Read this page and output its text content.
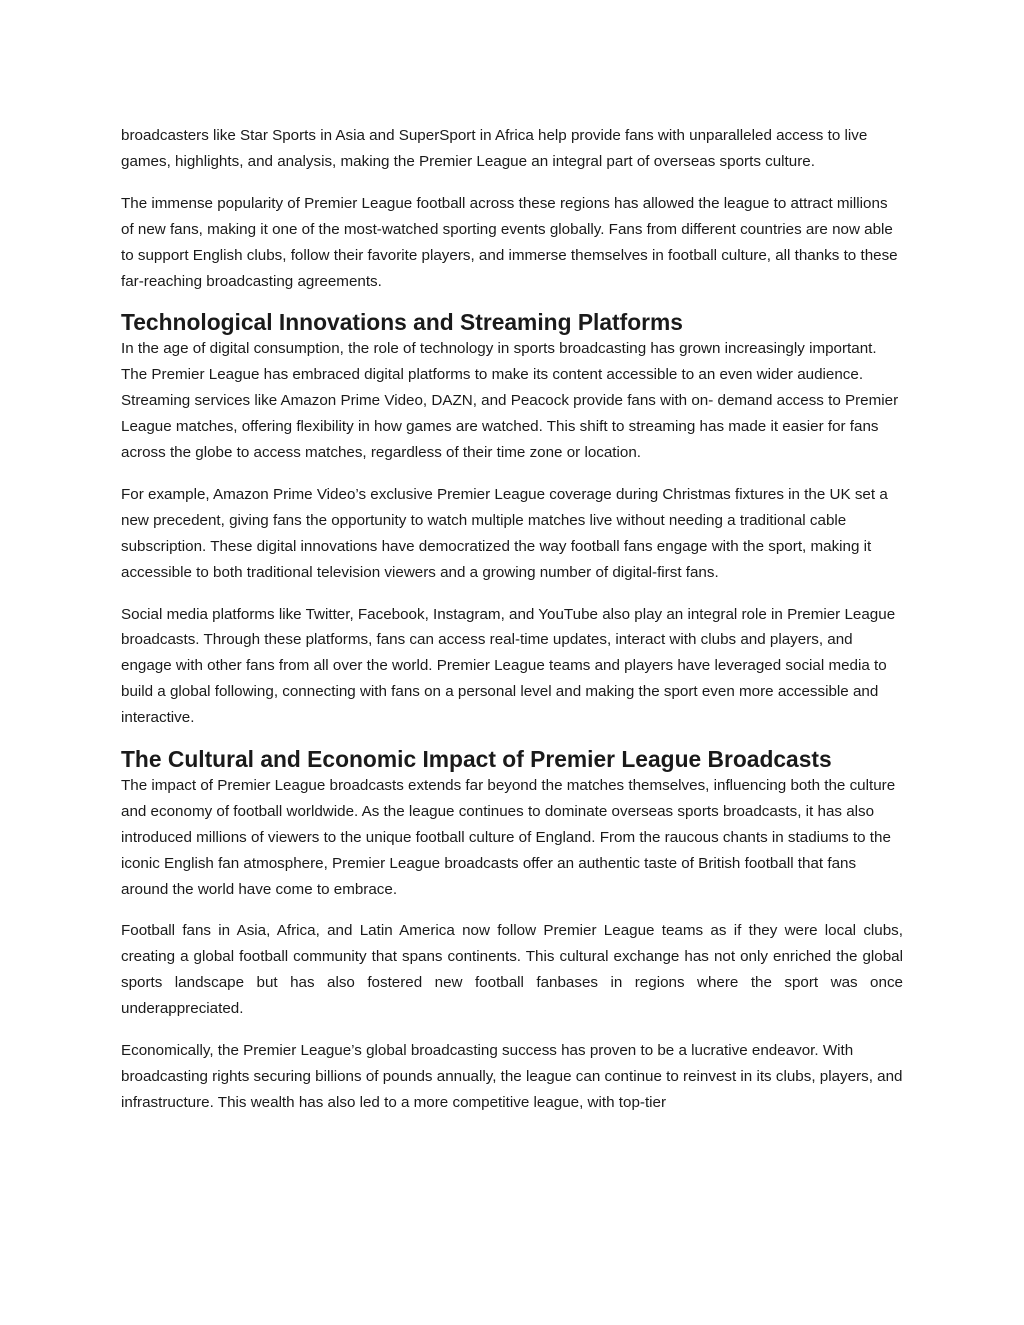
broadcasters like Star Sports in Asia and SuperSport in Africa help provide fans with unparalleled access to live games, highlights, and analysis, making the Premier League an integral part of overseas sports culture.

The immense popularity of Premier League football across these regions has allowed the league to attract millions of new fans, making it one of the most-watched sporting events globally. Fans from different countries are now able to support English clubs, follow their favorite players, and immerse themselves in football culture, all thanks to these far-reaching broadcasting agreements.

Technological Innovations and Streaming Platforms

In the age of digital consumption, the role of technology in sports broadcasting has grown increasingly important. The Premier League has embraced digital platforms to make its content accessible to an even wider audience. Streaming services like Amazon Prime Video, DAZN, and Peacock provide fans with on- demand access to Premier League matches, offering flexibility in how games are watched. This shift to streaming has made it easier for fans across the globe to access matches, regardless of their time zone or location.

For example, Amazon Prime Video’s exclusive Premier League coverage during Christmas fixtures in the UK set a new precedent, giving fans the opportunity to watch multiple matches live without needing a traditional cable subscription. These digital innovations have democratized the way football fans engage with the sport, making it accessible to both traditional television viewers and a growing number of digital-first fans.

Social media platforms like Twitter, Facebook, Instagram, and YouTube also play an integral role in Premier League broadcasts. Through these platforms, fans can access real-time updates, interact with clubs and players, and engage with other fans from all over the world. Premier League teams and players have leveraged social media to build a global following, connecting with fans on a personal level and making the sport even more accessible and interactive.

The Cultural and Economic Impact of Premier League Broadcasts

The impact of Premier League broadcasts extends far beyond the matches themselves, influencing both the culture and economy of football worldwide. As the league continues to dominate overseas sports broadcasts, it has also introduced millions of viewers to the unique football culture of England. From the raucous chants in stadiums to the iconic English fan atmosphere, Premier League broadcasts offer an authentic taste of British football that fans around the world have come to embrace.

Football fans in Asia, Africa, and Latin America now follow Premier League teams as if they were local clubs, creating a global football community that spans continents. This cultural exchange has not only enriched the global sports landscape but has also fostered new football fanbases in regions where the sport was once underappreciated.

Economically, the Premier League’s global broadcasting success has proven to be a lucrative endeavor. With broadcasting rights securing billions of pounds annually, the league can continue to reinvest in its clubs, players, and infrastructure. This wealth has also led to a more competitive league, with top-tier
